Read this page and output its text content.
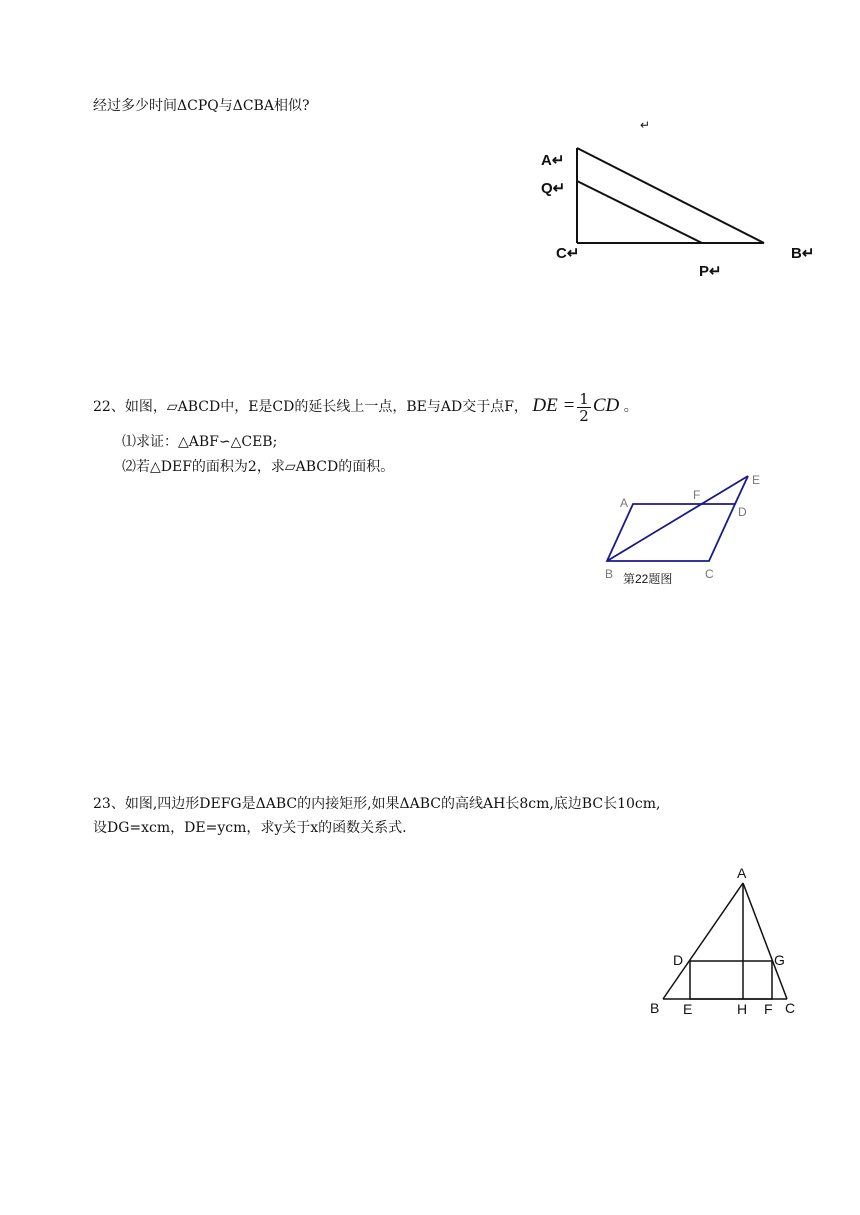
经过多少时间ΔCPQ与ΔCBA相似?
A↵
Q↵
C↵	B↵
P↵
↵
22、如图，▱ABCD中，E是CD的延长线上一点，BE与AD交于点F， DE = $\frac{1}{2}$ CD 。
⑴求证：△ABF∽△CEB;
⑵若△DEF的面积为2，求▱ABCD的面积。
A
F
E
D
B	C
第22题图
23、如图,四边形DEFG是ΔABC的内接矩形,如果ΔABC的高线AH长8cm,底边BC长10cm,
设DG=xcm，DE=ycm，求y关于x的函数关系式.
A
D	G
B E	H F C
